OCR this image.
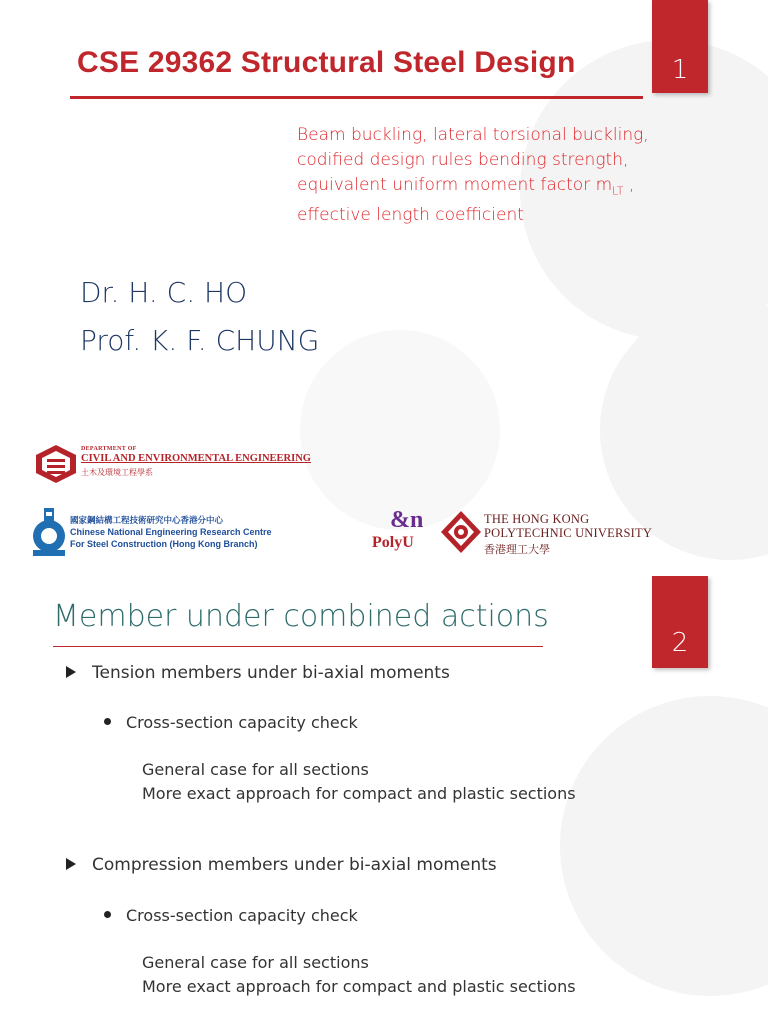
1
CSE 29362 Structural Steel Design
Beam buckling, lateral torsional buckling,
codified design rules bending strength,
equivalent uniform moment factor $m_{LT}$ ,
effective length coefficient
Dr. H. C. HO
Prof. K. F. CHUNG
DEPARTMENT OF
CIVIL AND ENVIRONMENTAL ENGINEERING
土木及環境工程學系
國家鋼結構工程技術研究中心香港分中心
Chinese National Engineering Research Centre
For Steel Construction (Hong Kong Branch)
&n
PolyU
THE HONG KONG
POLYTECHNIC UNIVERSITY
香港理工大學
2
Member under combined actions
Tension members under bi-axial moments
Cross-section capacity check
General case for all sections
More exact approach for compact and plastic sections
Compression members under bi-axial moments
Cross-section capacity check
General case for all sections
More exact approach for compact and plastic sections
